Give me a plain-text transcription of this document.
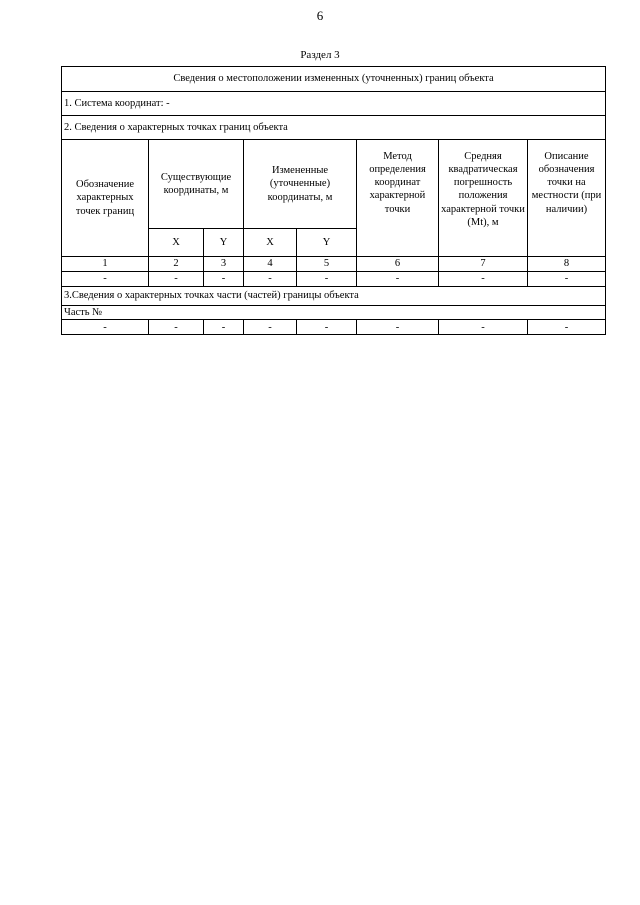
6
Раздел 3
Сведения о местоположении измененных (уточненных) границ объекта							
1. Система координат: -							
2. Сведения о характерных точках границ объекта							
Обозначение характерных точек границ	Существующие координаты, м		Измененные (уточненные) координаты, м		Метод определения координат характерной точки	Средняя квадратическая погрешность положения характерной точки (Mt), м	Описание обозначения точки на местности (при наличии)
	X	Y	X	Y			
1	2	3	4	5	6	7	8
-	-	-	-	-	-	-	-
3.Сведения о характерных точках части (частей) границы объекта							
Часть №							
-	-	-	-	-	-	-	-
